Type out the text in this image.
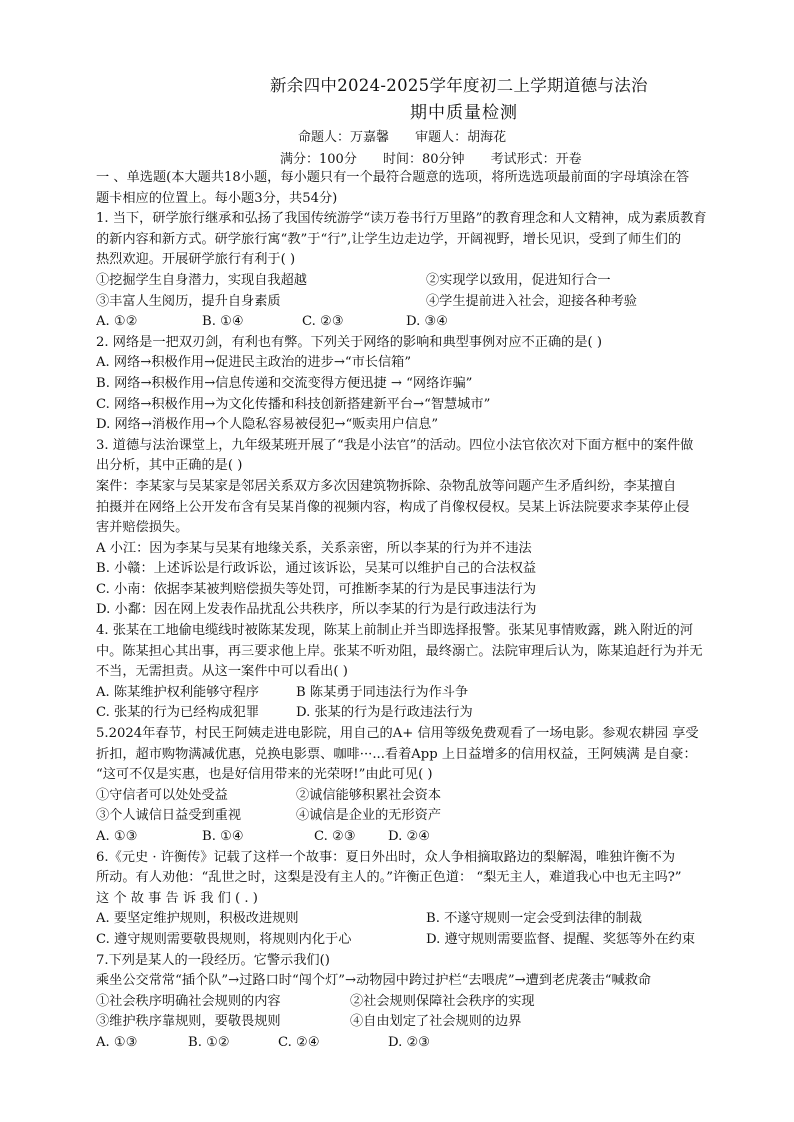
新余四中2024-2025学年度初二上学期道德与法治
期中质量检测
命题人：万嘉馨 审题人：胡海花
满分：100分 时间：80分钟 考试形式：开卷
一 、单选题(本大题共18小题，每小题只有一个最符合题意的选项，将所选选项最前面的字母填涂在答
题卡相应的位置上。每小题3分，共54分)
1. 当下，研学旅行继承和弘扬了我国传统游学“读万卷书行万里路”的教育理念和人文精神，成为素质教育
的新内容和新方式。研学旅行寓“教”于“行”,让学生边走边学，开阔视野，增长见识，受到了师生们的
热烈欢迎。开展研学旅行有利于( )
①挖掘学生自身潜力，实现自我超越	②实现学以致用，促进知行合一
③丰富人生阅历，提升自身素质	④学生提前进入社会，迎接各种考验
A. ①②	B. ①④	C. ②③	D. ③④
2. 网络是一把双刃剑，有利也有弊。下列关于网络的影响和典型事例对应不正确的是( )
A. 网络→积极作用→促进民主政治的进步→“市长信箱”
B. 网络→积极作用→信息传递和交流变得方便迅捷 → “网络诈骗”
C. 网络→积极作用→为文化传播和科技创新搭建新平台→“智慧城市”
D. 网络→消极作用→个人隐私容易被侵犯→“贩卖用户信息”
3. 道德与法治课堂上，九年级某班开展了“我是小法官”的活动。四位小法官依次对下面方框中的案件做
出分析，其中正确的是( )
案件：李某家与吴某家是邻居关系双方多次因建筑物拆除、杂物乱放等问题产生矛盾纠纷，李某擅自
拍摄并在网络上公开发布含有吴某肖像的视频内容，构成了肖像权侵权。吴某上诉法院要求李某停止侵
害并赔偿损失。
A 小江：因为李某与吴某有地缘关系，关系亲密，所以李某的行为并不违法
B. 小赣：上述诉讼是行政诉讼，通过该诉讼，吴某可以维护自己的合法权益
C. 小南：依据李某被判赔偿损失等处罚，可推断李某的行为是民事违法行为
D. 小鄱：因在网上发表作品扰乱公共秩序，所以李某的行为是行政违法行为
4. 张某在工地偷电缆线时被陈某发现，陈某上前制止并当即选择报警。张某见事情败露，跳入附近的河
中。陈某担心其出事，再三要求他上岸。张某不听劝阻，最终溺亡。法院审理后认为，陈某追赶行为并无
不当，无需担责。从这一案件中可以看出( )
A. 陈某维护权利能够守程序	B 陈某勇于同违法行为作斗争
C. 张某的行为已经构成犯罪	D. 张某的行为是行政违法行为
5.2024年春节，村民王阿姨走进电影院，用自己的A+ 信用等级免费观看了一场电影。参观农耕园 享受
折扣，超市购物满减优惠，兑换电影票、咖啡···...看着App 上日益增多的信用权益，王阿姨满 是自豪：
“这可不仅是实惠，也是好信用带来的光荣呀!”由此可见( )
①守信者可以处处受益	②诚信能够积累社会资本
③个人诚信日益受到重视	④诚信是企业的无形资产
A. ①③	B. ①④	C. ②③	D. ②④
6.《元史 · 许衡传》记载了这样一个故事：夏日外出时，众人争相摘取路边的梨解渴，唯独许衡不为
所动。有人劝他：“乱世之时，这梨是没有主人的。”许衡正色道： “梨无主人，难道我心中也无主吗?”
这 个 故 事 告 诉 我 们 ( . )
A. 要坚定维护规则，积极改进规则	B. 不遂守规则一定会受到法律的制裁
C. 遵守规则需要敬畏规则，将规则内化于心	D. 遵守规则需要监督、提醒、奖惩等外在约束
7.下列是某人的一段经历。它警示我们()
乘坐公交常常“插个队”→过路口时“闯个灯”→动物园中跨过护栏“去喂虎”→遭到老虎袭击“喊救命
①社会秩序明确社会规则的内容	②社会规则保障社会秩序的实现
③维护秩序靠规则，要敬畏规则	④自由划定了社会规则的边界
A. ①③	B. ①②	C. ②④	D. ②③
